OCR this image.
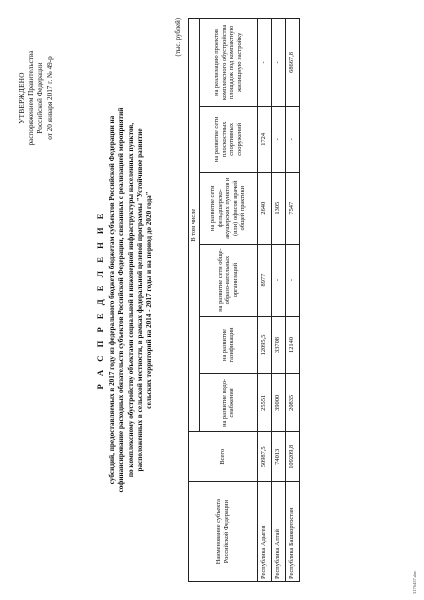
УТВЕРЖДЕНО распоряжением Правительства Российской Федерации от 20 января 2017 г. № 49-р
Р А С П Р Е Д Е Л Е Н И Е субсидий, предоставляемых в 2017 году из федерального бюджета бюджетам субъектов Российской Федерации на софинансирование расходных обязательств субъектов Российской Федерации, связанных с реализацией мероприятий по комплексному обустройству объектами социальной и инженерной инфраструктуры населенных пунктов, расположенных в сельской местности, в рамках федеральной целевой программы "Устойчивое развитие сельских территорий на 2014 - 2017 годы и на период до 2020 года"
(тыс. рублей)
Наименование субъекта Российской Федерации	Всего	В том числе					
		на развитие водо-снабжения	на развитие газификации	на развитие сети обще-образо-вательных организаций	на развитие сети фельдшерско-акушерских пунктов и (или) офисов врачей общей практики	на развитие сети плоскостных спортивных сооружений	на реализацию проектов комплексного обустройства площадок под компактную жилищную застройку
Республика Адыгея	50987,5	25551	12095,5	8977	2640	1724	-
Республика Алтай	74013	39000	33708	-	1305	-	-
Республика Башкортостан	109209,8	20835	12140	-	7547	-	68667,8
3176457.doc
